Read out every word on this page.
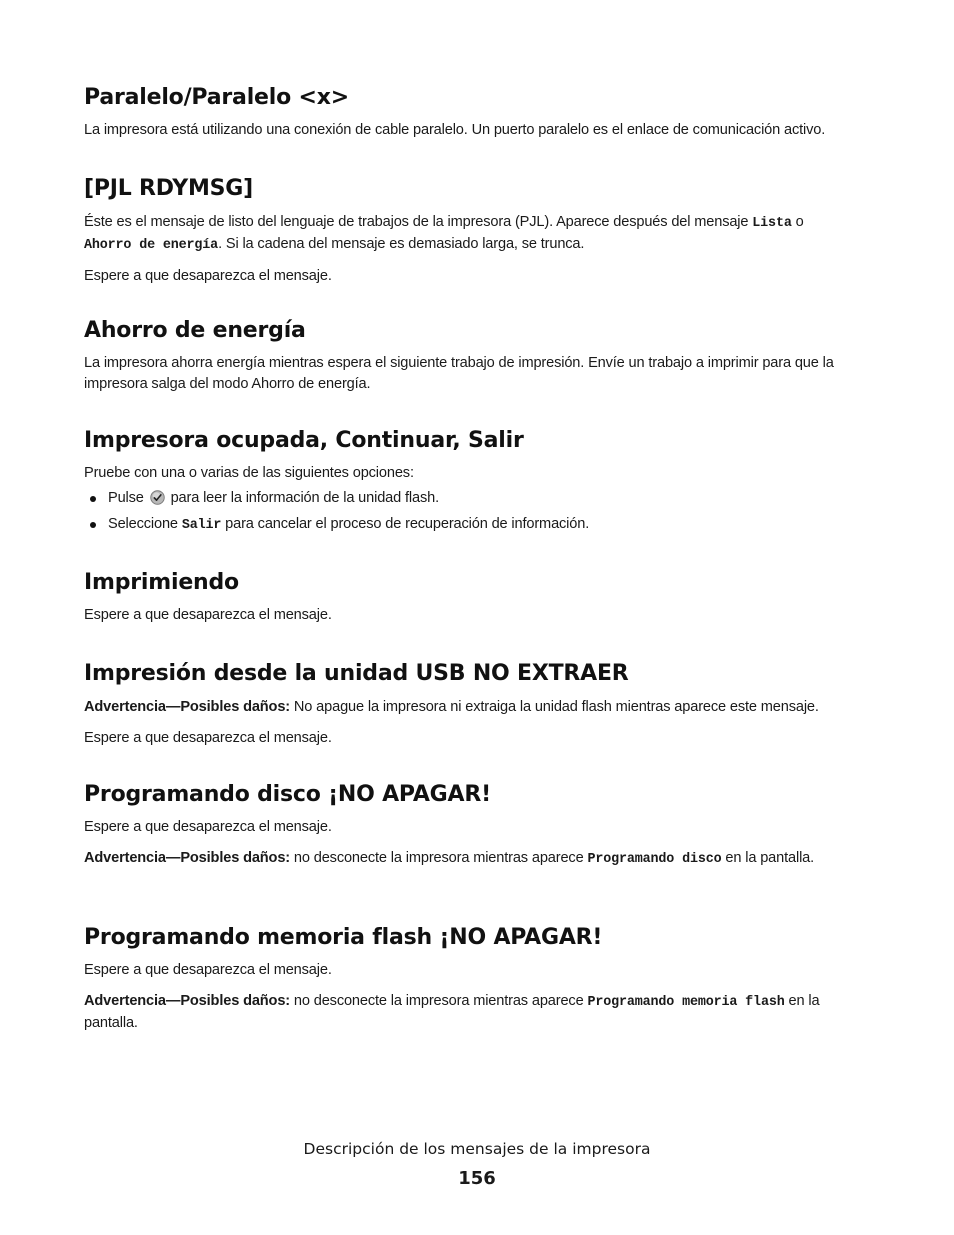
Paralelo/Paralelo <x>

La impresora está utilizando una conexión de cable paralelo. Un puerto paralelo es el enlace de comunicación activo.

[PJL RDYMSG]

Éste es el mensaje de listo del lenguaje de trabajos de la impresora (PJL). Aparece después del mensaje Lista o
Ahorro de energía. Si la cadena del mensaje es demasiado larga, se trunca.

Espere a que desaparezca el mensaje.

Ahorro de energía

La impresora ahorra energía mientras espera el siguiente trabajo de impresión. Envíe un trabajo a imprimir para que la impresora salga del modo Ahorro de energía.

Impresora ocupada, Continuar, Salir

Pruebe con una o varias de las siguientes opciones:

Pulse para leer la información de la unidad flash.
Seleccione Salir para cancelar el proceso de recuperación de información.
Imprimiendo

Espere a que desaparezca el mensaje.

Impresión desde la unidad USB NO EXTRAER

Advertencia—Posibles daños: No apague la impresora ni extraiga la unidad flash mientras aparece este mensaje.

Espere a que desaparezca el mensaje.

Programando disco ¡NO APAGAR!

Espere a que desaparezca el mensaje.

Advertencia—Posibles daños: no desconecte la impresora mientras aparece Programando disco en la pantalla.

Programando memoria flash ¡NO APAGAR!

Espere a que desaparezca el mensaje.

Advertencia—Posibles daños: no desconecte la impresora mientras aparece Programando memoria flash en la pantalla.

Descripción de los mensajes de la impresora
156
